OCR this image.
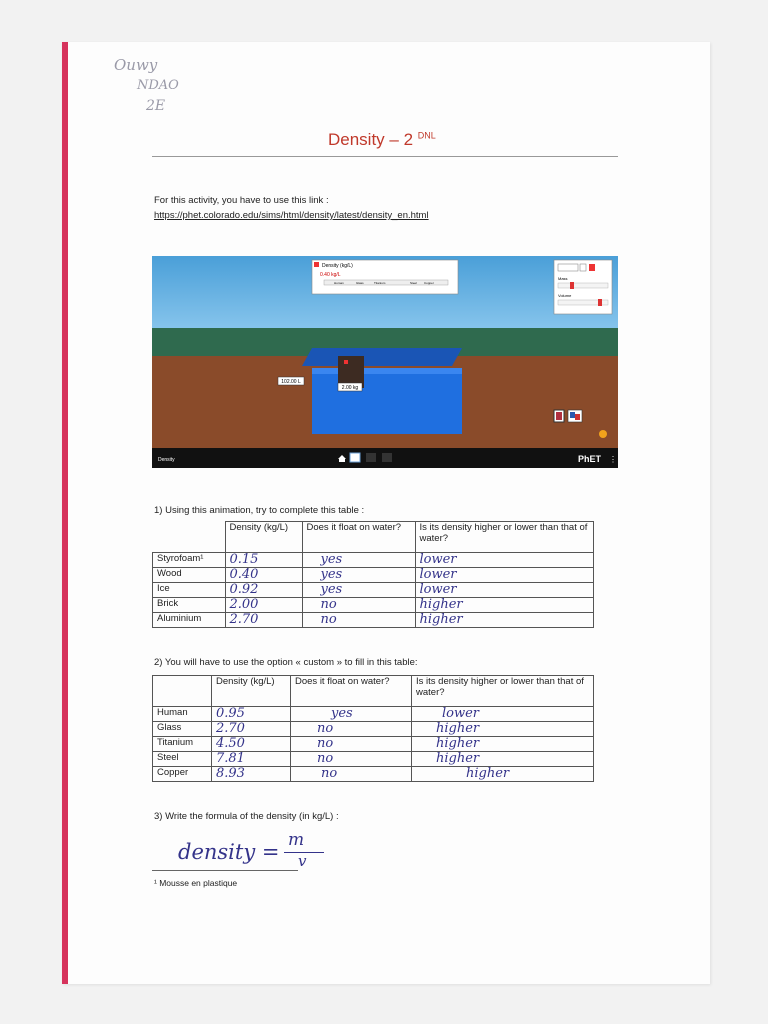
Ouwy
NDAO
2E
Density – 2 $^{DNL}$
For this activity, you have to use this link :
https://phet.colorado.edu/sims/html/density/latest/density_en.html
2.00 kg
102.00 L
Density (kg/L)
0.40 kg/L
Human	Glass	Titanium	Steel Copper
Mass
Volume
Density	PhET ⋮
1) Using this animation, try to complete this table :
	Density (kg/L)	Does it float on water?	Is its density higher or lower than that of water?
Styrofoam¹	0.15	yes	lower
Wood	0.40	yes	lower
Ice	0.92	yes	lower
Brick	2.00	no	higher
Aluminium	2.70	no	higher
2) You will have to use the option « custom » to fill in this table:
	Density (kg/L)	Does it float on water?	Is its density higher or lower than that of water?
Human	0.95	yes	lower
Glass	2.70	no	higher
Titanium	4.50	no	higher
Steel	7.81	no	higher
Copper	8.93	no	higher
3) Write the formula of the density (in kg/L) :
density = m
v
¹ Mousse en plastique
